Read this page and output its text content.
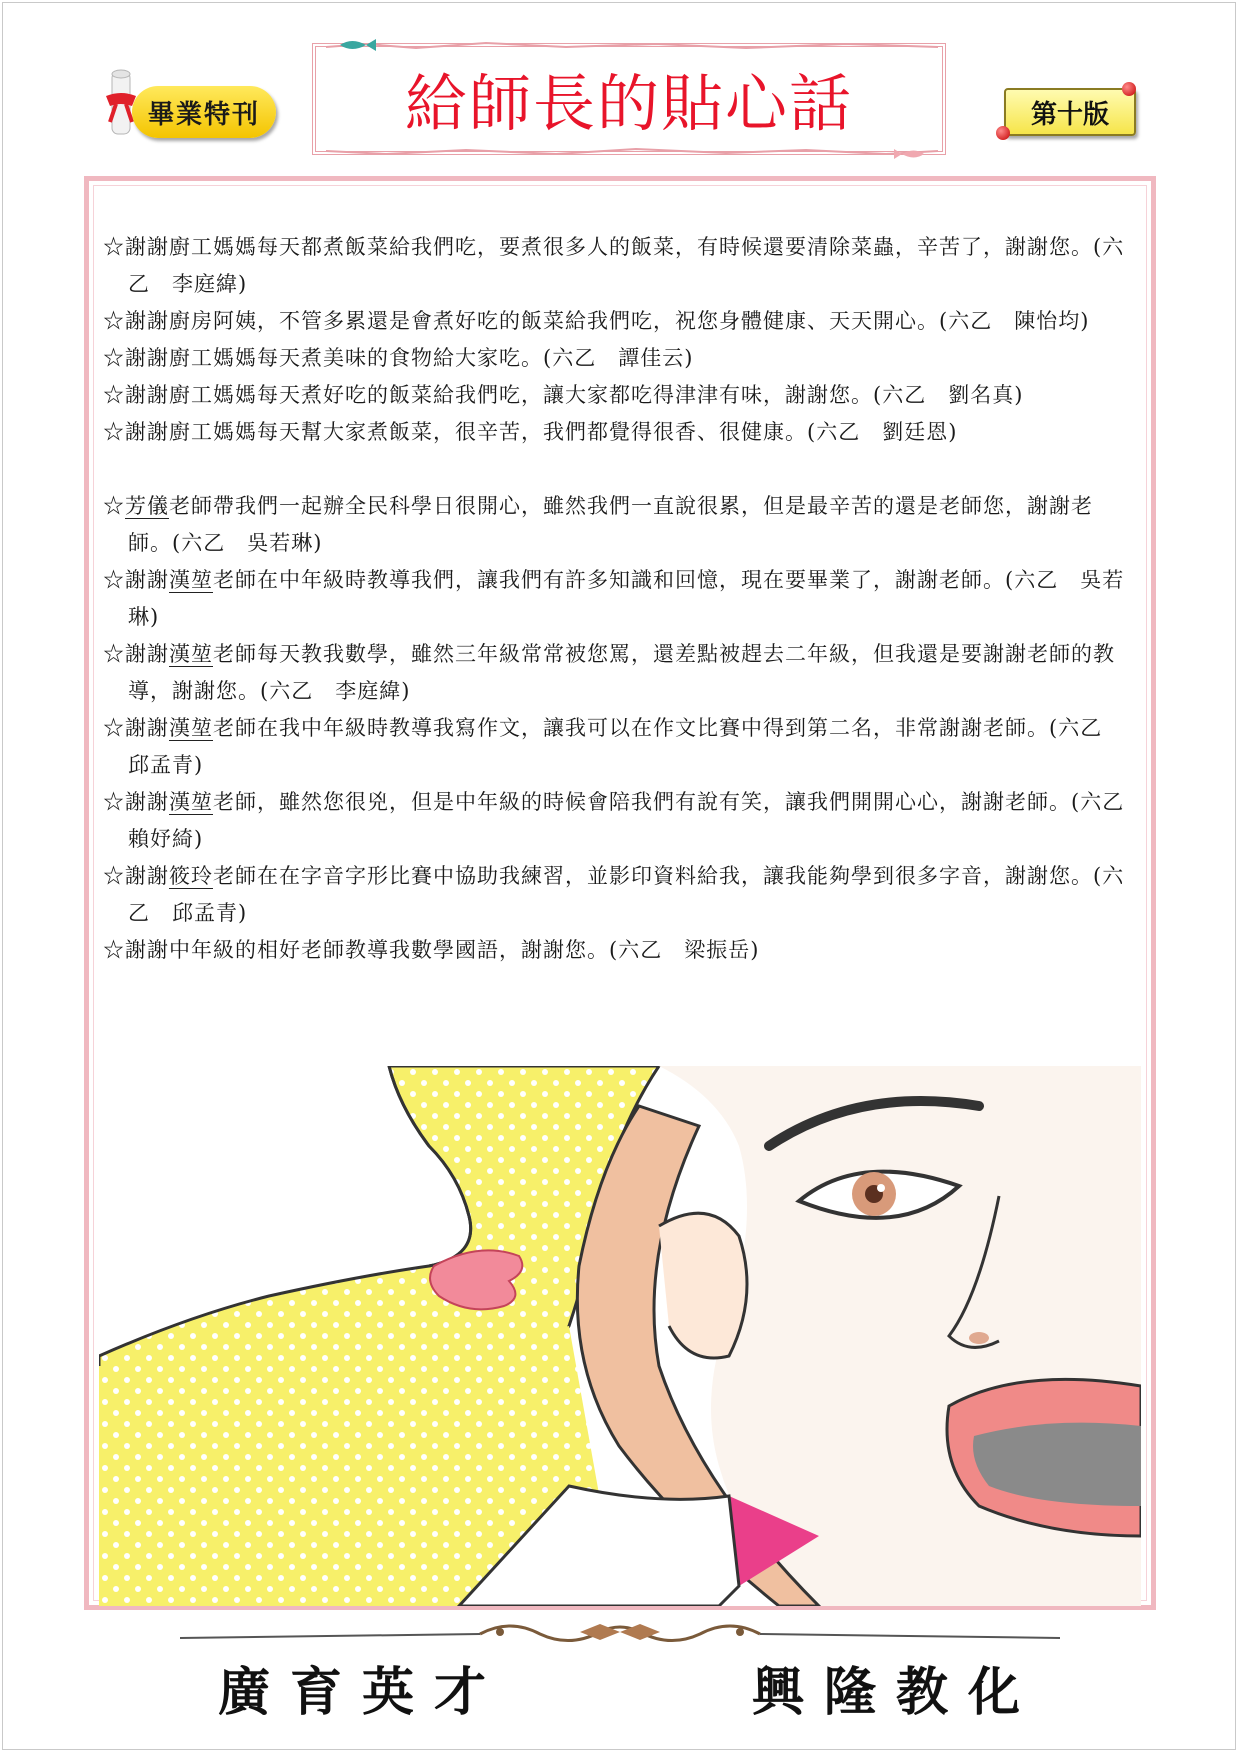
畢業特刊	給師長的貼心話	第十版

☆謝謝廚工媽媽每天都煮飯菜給我們吃，要煮很多人的飯菜，有時候還要清除菜蟲，辛苦了，謝謝您。(六乙　李庭緯)

☆謝謝廚房阿姨，不管多累還是會煮好吃的飯菜給我們吃，祝您身體健康、天天開心。(六乙　陳怡均)

☆謝謝廚工媽媽每天煮美味的食物給大家吃。(六乙　譚佳云)

☆謝謝廚工媽媽每天煮好吃的飯菜給我們吃，讓大家都吃得津津有味，謝謝您。(六乙　劉名真)

☆謝謝廚工媽媽每天幫大家煮飯菜，很辛苦，我們都覺得很香、很健康。(六乙　劉廷恩)

☆芳儀老師帶我們一起辦全民科學日很開心，雖然我們一直說很累，但是最辛苦的還是老師您，謝謝老師。(六乙　吳若琳)

☆謝謝漢堃老師在中年級時教導我們，讓我們有許多知識和回憶，現在要畢業了，謝謝老師。(六乙　吳若琳)

☆謝謝漢堃老師每天教我數學，雖然三年級常常被您罵，還差點被趕去二年級，但我還是要謝謝老師的教導，謝謝您。(六乙　李庭緯)

☆謝謝漢堃老師在我中年級時教導我寫作文，讓我可以在作文比賽中得到第二名，非常謝謝老師。(六乙　邱孟青)

☆謝謝漢堃老師，雖然您很兇，但是中年級的時候會陪我們有說有笑，讓我們開開心心，謝謝老師。(六乙　賴妤綺)

☆謝謝筱玲老師在在字音字形比賽中協助我練習，並影印資料給我，讓我能夠學到很多字音，謝謝您。(六乙　邱孟青)

☆謝謝中年級的相好老師教導我數學國語，謝謝您。(六乙　梁振岳)

廣育英才	興隆教化
